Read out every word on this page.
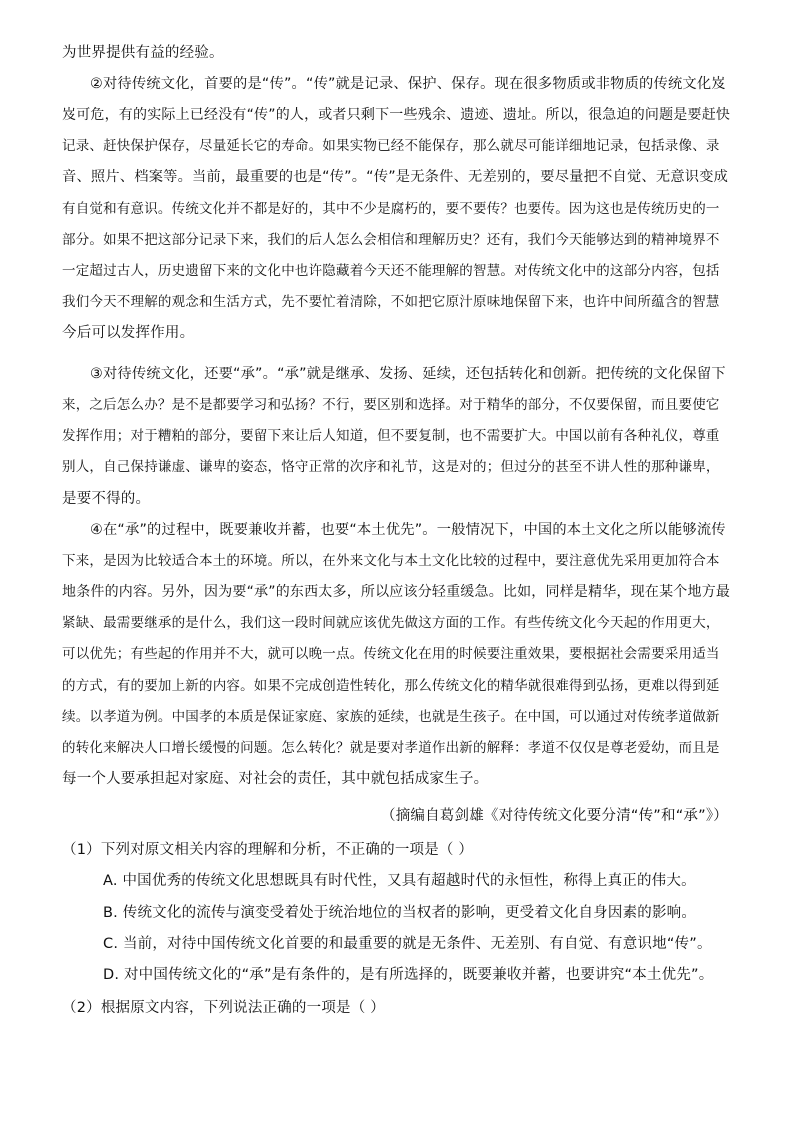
为世界提供有益的经验。
②对待传统文化，首要的是“传”。“传”就是记录、保护、保存。现在很多物质或非物质的传统文化岌
岌可危，有的实际上已经没有“传”的人，或者只剩下一些残余、遗迹、遗址。所以，很急迫的问题是要赶快
记录、赶快保护保存，尽量延长它的寿命。如果实物已经不能保存，那么就尽可能详细地记录，包括录像、录
音、照片、档案等。当前，最重要的也是“传”。“传”是无条件、无差别的，要尽量把不自觉、无意识变成
有自觉和有意识。传统文化并不都是好的，其中不少是腐朽的，要不要传？也要传。因为这也是传统历史的一
部分。如果不把这部分记录下来，我们的后人怎么会相信和理解历史？还有，我们今天能够达到的精神境界不
一定超过古人，历史遗留下来的文化中也许隐藏着今天还不能理解的智慧。对传统文化中的这部分内容，包括
我们今天不理解的观念和生活方式，先不要忙着清除，不如把它原汁原味地保留下来，也许中间所蕴含的智慧
今后可以发挥作用。
③对待传统文化，还要“承”。“承”就是继承、发扬、延续，还包括转化和创新。把传统的文化保留下
来，之后怎么办？是不是都要学习和弘扬？不行，要区别和选择。对于精华的部分，不仅要保留，而且要使它
发挥作用；对于糟粕的部分，要留下来让后人知道，但不要复制，也不需要扩大。中国以前有各种礼仪，尊重
别人，自己保持谦虚、谦卑的姿态，恪守正常的次序和礼节，这是对的；但过分的甚至不讲人性的那种谦卑，
是要不得的。
④在“承”的过程中，既要兼收并蓄，也要“本土优先”。一般情况下，中国的本土文化之所以能够流传
下来，是因为比较适合本土的环境。所以，在外来文化与本土文化比较的过程中，要注意优先采用更加符合本
地条件的内容。另外，因为要“承”的东西太多，所以应该分轻重缓急。比如，同样是精华，现在某个地方最
紧缺、最需要继承的是什么，我们这一段时间就应该优先做这方面的工作。有些传统文化今天起的作用更大，
可以优先；有些起的作用并不大，就可以晚一点。传统文化在用的时候要注重效果，要根据社会需要采用适当
的方式，有的要加上新的内容。如果不完成创造性转化，那么传统文化的精华就很难得到弘扬，更难以得到延
续。以孝道为例。中国孝的本质是保证家庭、家族的延续，也就是生孩子。在中国，可以通过对传统孝道做新
的转化来解决人口增长缓慢的问题。怎么转化？就是要对孝道作出新的解释：孝道不仅仅是尊老爱幼，而且是
每一个人要承担起对家庭、对社会的责任，其中就包括成家生子。
（摘编自葛剑雄《对待传统文化要分清“传”和“承”》）
（1）下列对原文相关内容的理解和分析，不正确的一项是（ ）
A. 中国优秀的传统文化思想既具有时代性，又具有超越时代的永恒性，称得上真正的伟大。
B. 传统文化的流传与演变受着处于统治地位的当权者的影响，更受着文化自身因素的影响。
C. 当前，对待中国传统文化首要的和最重要的就是无条件、无差别、有自觉、有意识地“传”。
D. 对中国传统文化的“承”是有条件的，是有所选择的，既要兼收并蓄，也要讲究“本土优先”。
（2）根据原文内容，下列说法正确的一项是（ ）
